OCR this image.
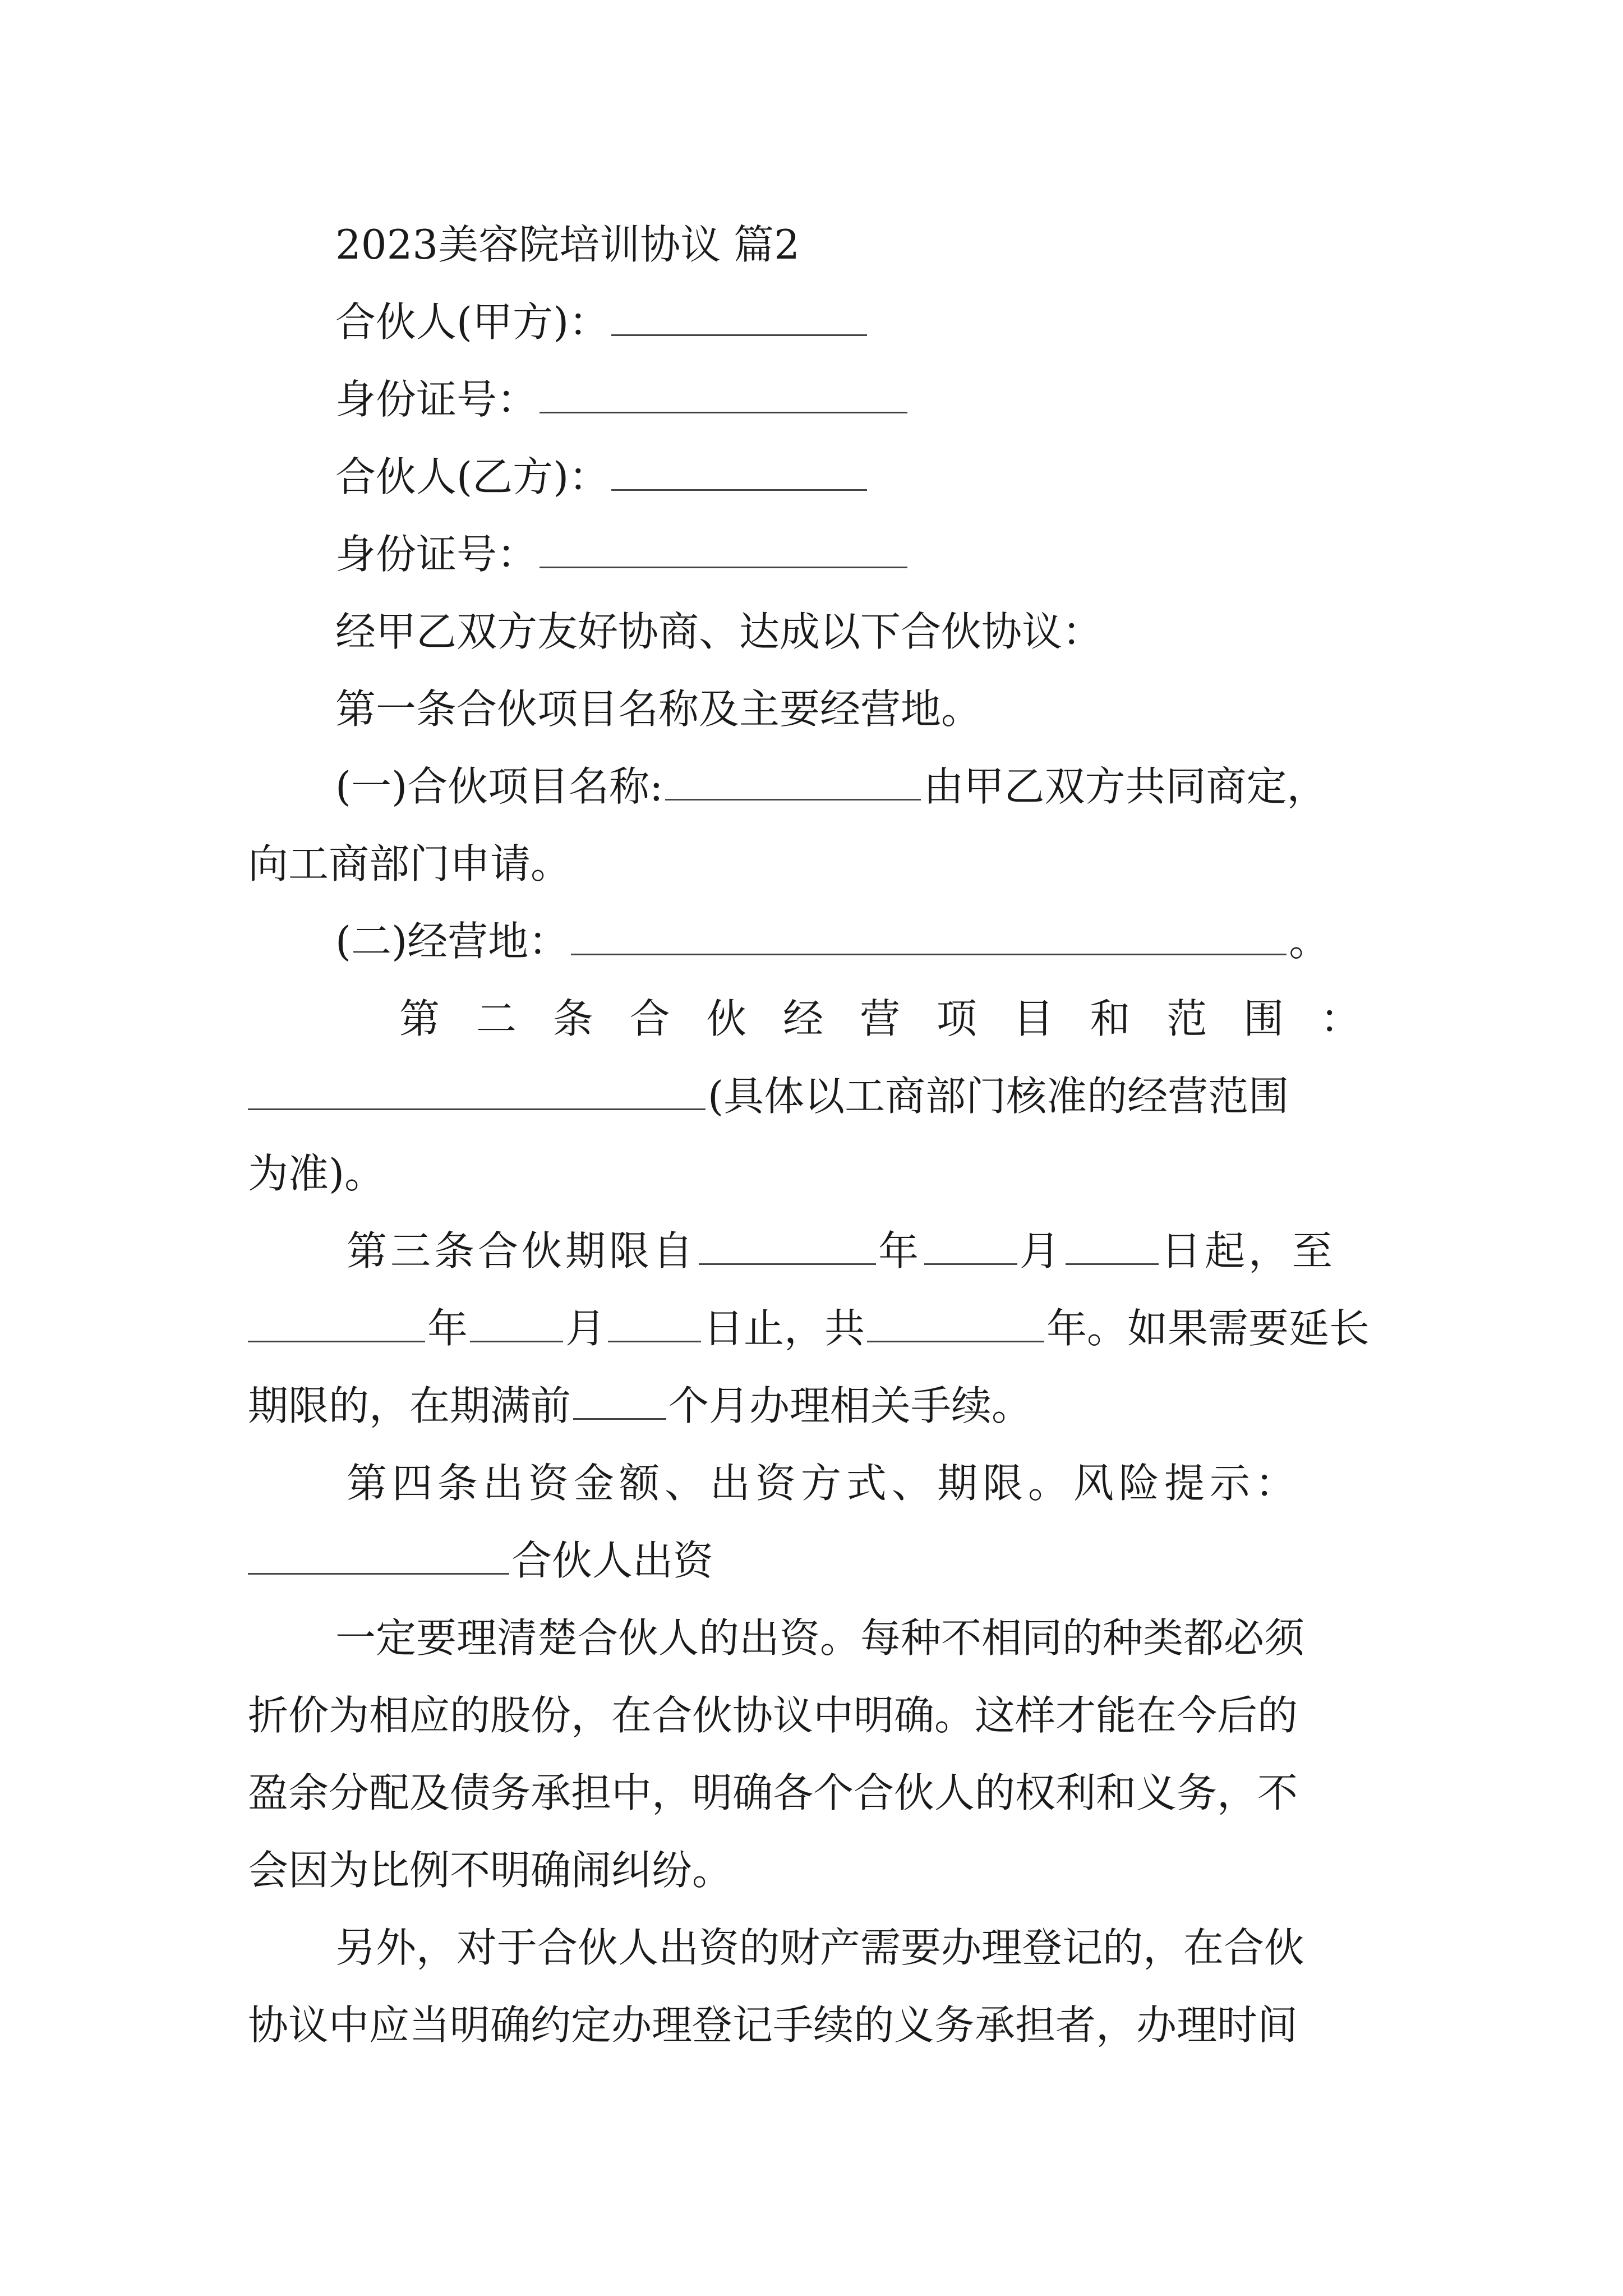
2023美容院培训协议 篇2
合伙人(甲方)：
身份证号：
合伙人(乙方)：
身份证号：
经甲乙双方友好协商、达成以下合伙协议：
第一条合伙项目名称及主要经营地。
(一)合伙项目名称:	由甲乙双方共同商定，
向工商部门申请。
(二)经营地：	。
第 二 条 合 伙 经 营 项 目 和 范 围 ：
(具体以工商部门核准的经营范围
为准)。
第三条合伙期限自	年 月 日起，至
年 月 日止，共	年。如果需要延长
期限的，在期满前 个月办理相关手续。
第四条出资金额、出资方式、期限。风险提示：
合伙人出资
一定要理清楚合伙人的出资。每种不相同的种类都必须
折价为相应的股份，在合伙协议中明确。这样才能在今后的
盈余分配及债务承担中，明确各个合伙人的权利和义务，不
会因为比例不明确闹纠纷。
另外，对于合伙人出资的财产需要办理登记的，在合伙
协议中应当明确约定办理登记手续的义务承担者，办理时间
